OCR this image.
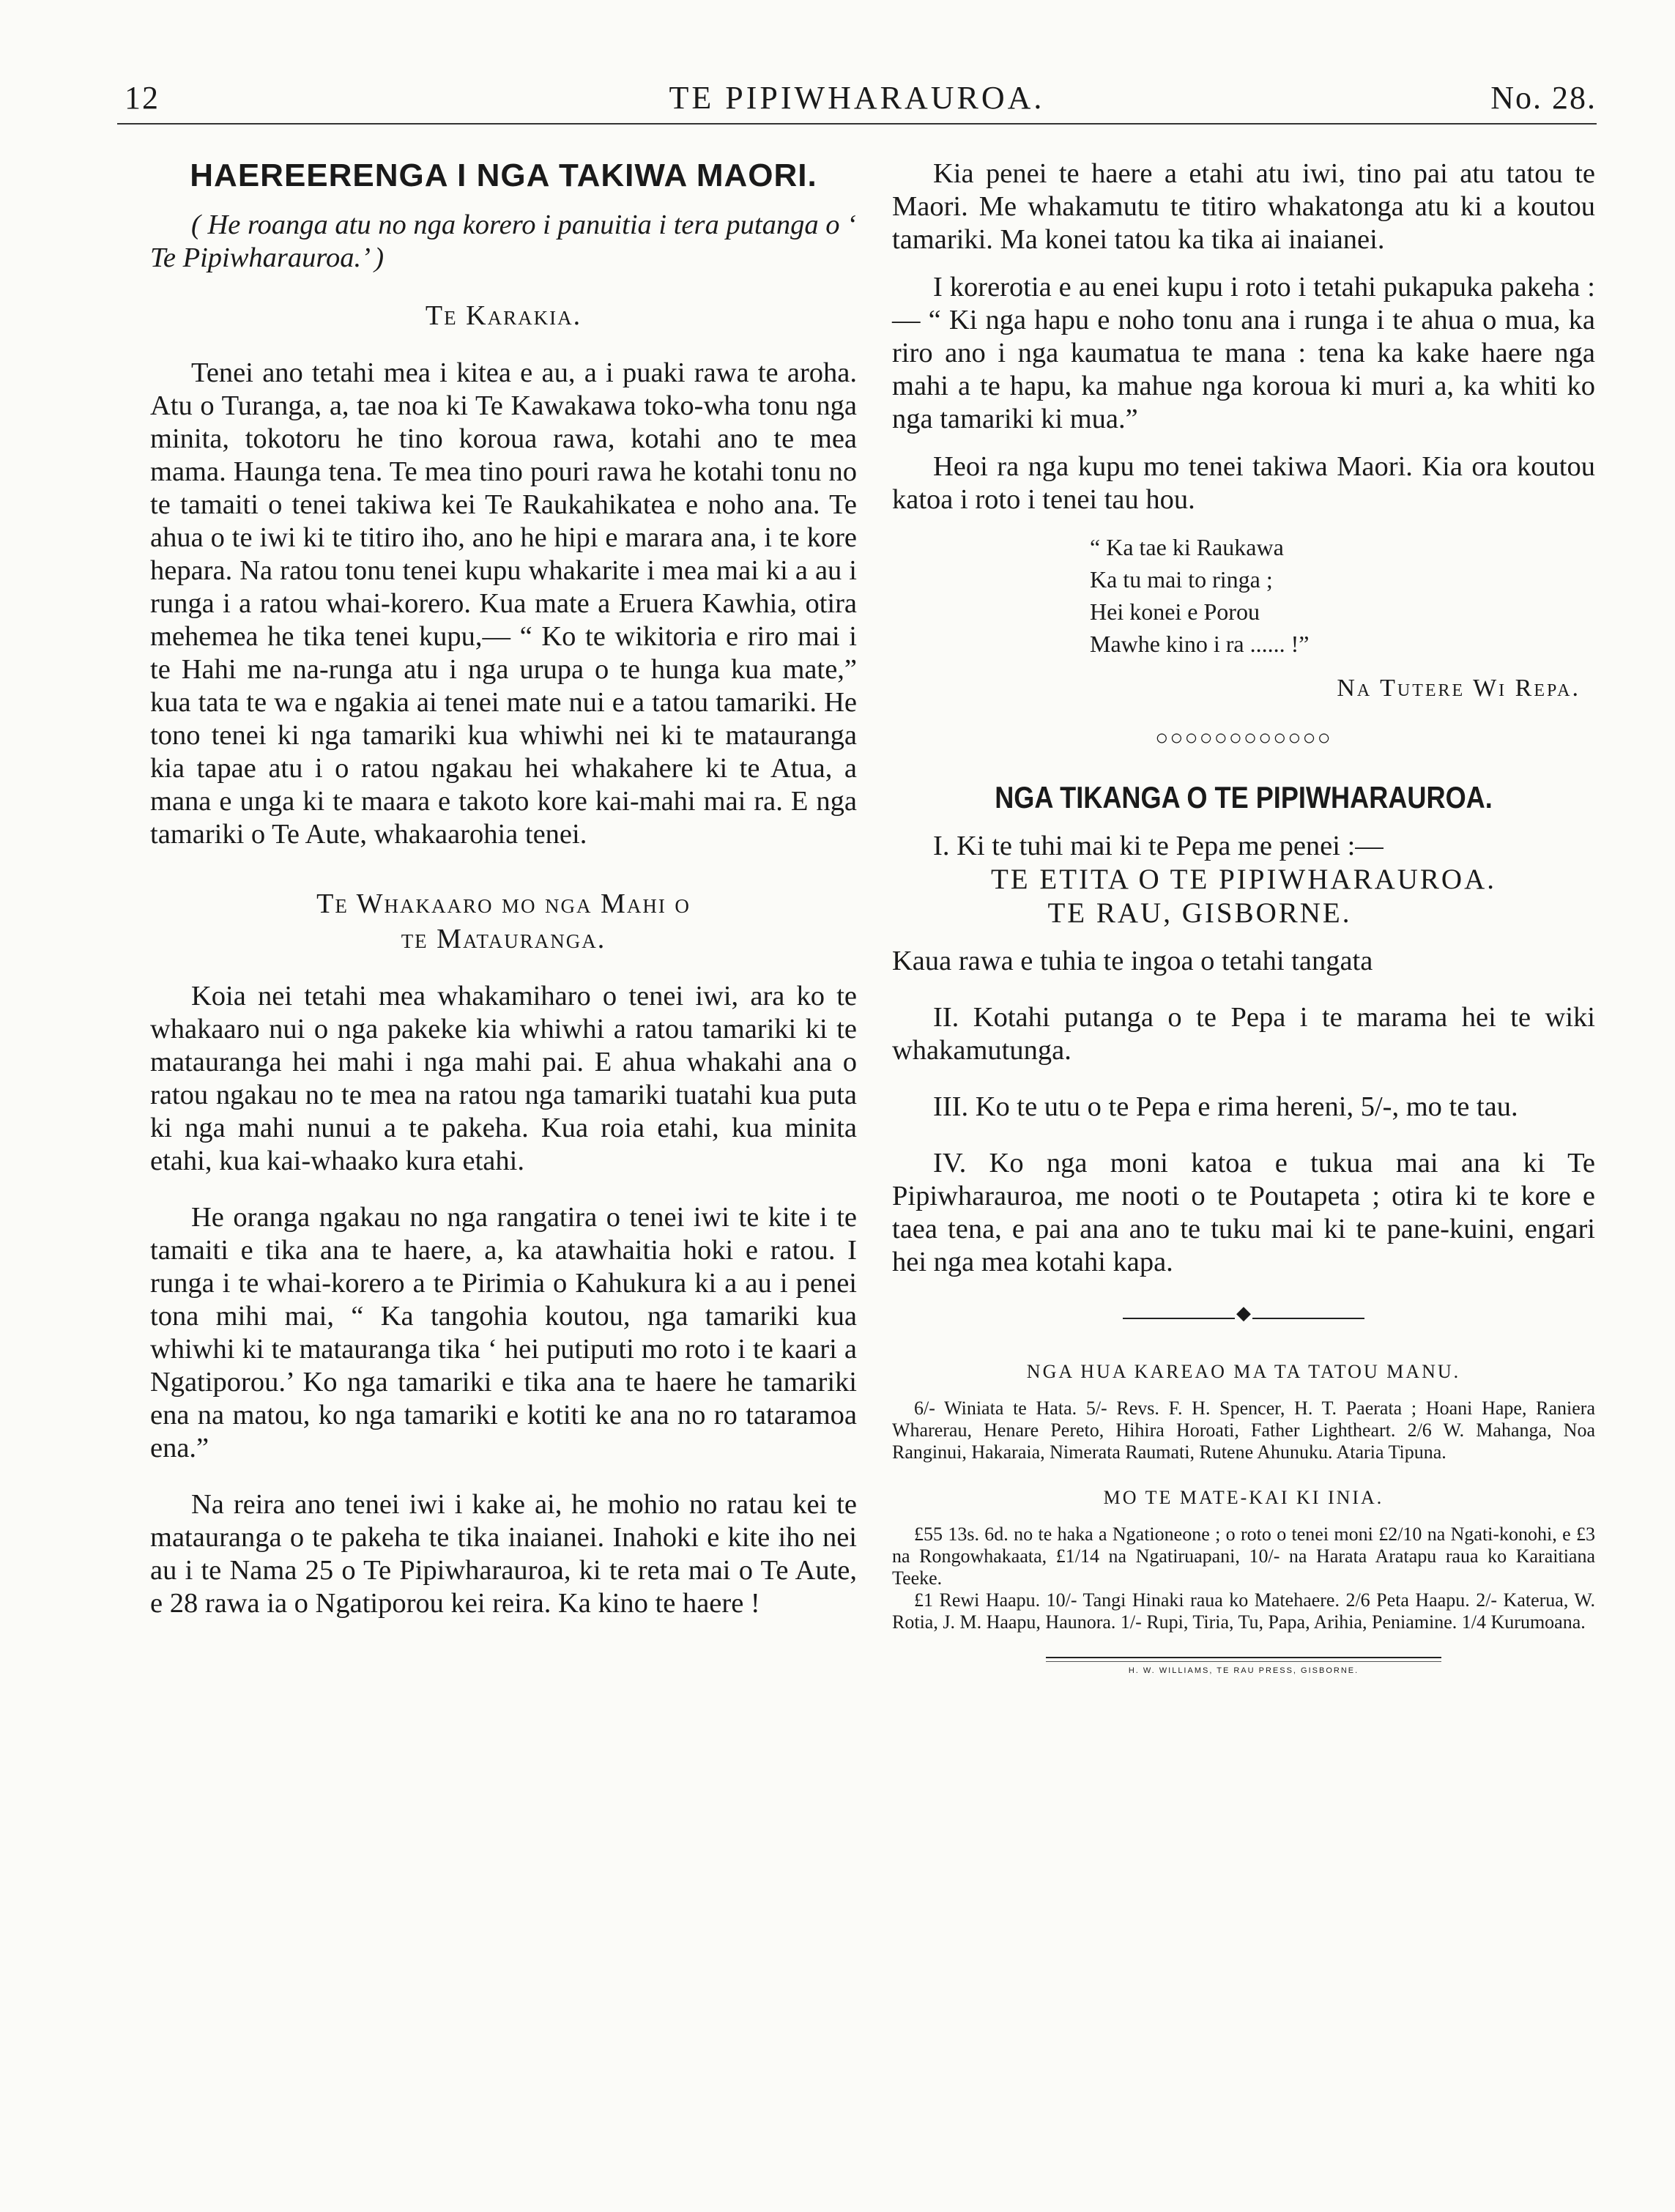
12	TE PIPIWHARAUROA.	No. 28.
HAEREERENGA I NGA TAKIWA MAORI.

( He roanga atu no nga korero i panuitia i tera putanga o ‘ Te Pipiwharauroa.’ )

Te Karakia.

Tenei ano tetahi mea i kitea e au, a i puaki rawa te aroha. Atu o Turanga, a, tae noa ki Te Kawakawa toko-wha tonu nga minita, tokotoru he tino koroua rawa, kotahi ano te mea mama. Haunga tena. Te mea tino pouri rawa he kotahi tonu no te tamaiti o tenei takiwa kei Te Raukahikatea e noho ana. Te ahua o te iwi ki te titiro iho, ano he hipi e marara ana, i te kore hepara. Na ratou tonu tenei kupu whakarite i mea mai ki a au i runga i a ratou whai-korero. Kua mate a Eruera Kawhia, otira mehemea he tika tenei kupu,— “ Ko te wikitoria e riro mai i te Hahi me na-runga atu i nga urupa o te hunga kua mate,” kua tata te wa e ngakia ai tenei mate nui e a tatou tamariki. He tono tenei ki nga tamariki kua whiwhi nei ki te matauranga kia tapae atu i o ratou ngakau hei whakahere ki te Atua, a mana e unga ki te maara e takoto kore kai-mahi mai ra. E nga tamariki o Te Aute, whakaarohia tenei.

Te Whakaaro mo nga Mahi o

te Matauranga.

Koia nei tetahi mea whakamiharo o tenei iwi, ara ko te whakaaro nui o nga pakeke kia whiwhi a ratou tamariki ki te matauranga hei mahi i nga mahi pai. E ahua whakahi ana o ratou ngakau no te mea na ratou nga tamariki tuatahi kua puta ki nga mahi nunui a te pakeha. Kua roia etahi, kua minita etahi, kua kai-whaako kura etahi.

He oranga ngakau no nga rangatira o tenei iwi te kite i te tamaiti e tika ana te haere, a, ka atawhaitia hoki e ratou. I runga i te whai-korero a te Pirimia o Kahukura ki a au i penei tona mihi mai, “ Ka tangohia koutou, nga tamariki kua whiwhi ki te matauranga tika ‘ hei putiputi mo roto i te kaari a Ngatiporou.’ Ko nga tamariki e tika ana te haere he tamariki ena na matou, ko nga tamariki e kotiti ke ana no ro tataramoa ena.”

Na reira ano tenei iwi i kake ai, he mohio no ratau kei te matauranga o te pakeha te tika inaianei. Inahoki e kite iho nei au i te Nama 25 o Te Pipiwharauroa, ki te reta mai o Te Aute, e 28 rawa ia o Ngatiporou kei reira. Ka kino te haere !

Kia penei te haere a etahi atu iwi, tino pai atu tatou te Maori. Me whakamutu te titiro whakatonga atu ki a koutou tamariki. Ma konei tatou ka tika ai inaianei.

I korerotia e au enei kupu i roto i tetahi pukapuka pakeha :— “ Ki nga hapu e noho tonu ana i runga i te ahua o mua, ka riro ano i nga kaumatua te mana : tena ka kake haere nga mahi a te hapu, ka mahue nga koroua ki muri a, ka whiti ko nga tamariki ki mua.”

Heoi ra nga kupu mo tenei takiwa Maori. Kia ora koutou katoa i roto i tenei tau hou.

“ Ka tae ki Raukawa
Ka tu mai to ringa ;
Hei konei e Porou
Mawhe kino i ra ...... !”

Na Tutere Wi Repa.

○○○○○○○○○○○○

NGA TIKANGA O TE PIPIWHARAUROA.

I. Ki te tuhi mai ki te Pepa me penei :—

TE ETITA O TE PIPIWHARAUROA.

TE RAU, GISBORNE.

Kaua rawa e tuhia te ingoa o tetahi tangata

II. Kotahi putanga o te Pepa i te marama hei te wiki whakamutunga.

III. Ko te utu o te Pepa e rima hereni, 5/-, mo te tau.

IV. Ko nga moni katoa e tukua mai ana ki Te Pipiwharauroa, me nooti o te Poutapeta ; otira ki te kore e taea tena, e pai ana ano te tuku mai ki te pane-kuini, engari hei nga mea kotahi kapa.

◆

NGA HUA KAREAO MA TA TATOU MANU.

6/- Winiata te Hata. 5/- Revs. F. H. Spencer, H. T. Paerata ; Hoani Hape, Raniera Wharerau, Henare Pereto, Hihira Horoati, Father Lightheart. 2/6 W. Mahanga, Noa Ranginui, Hakaraia, Nimerata Raumati, Rutene Ahunuku. Ataria Tipuna.

MO TE MATE-KAI KI INIA.

£55 13s. 6d. no te haka a Ngationeone ; o roto o tenei moni £2/10 na Ngati-konohi, e £3 na Rongowhakaata, £1/14 na Ngatiruapani, 10/- na Harata Aratapu raua ko Karaitiana Teeke.

£1 Rewi Haapu. 10/- Tangi Hinaki raua ko Matehaere. 2/6 Peta Haapu. 2/- Katerua, W. Rotia, J. M. Haapu, Haunora. 1/- Rupi, Tiria, Tu, Papa, Arihia, Peniamine. 1/4 Kurumoana.

H. W. WILLIAMS, TE RAU PRESS, GISBORNE.
